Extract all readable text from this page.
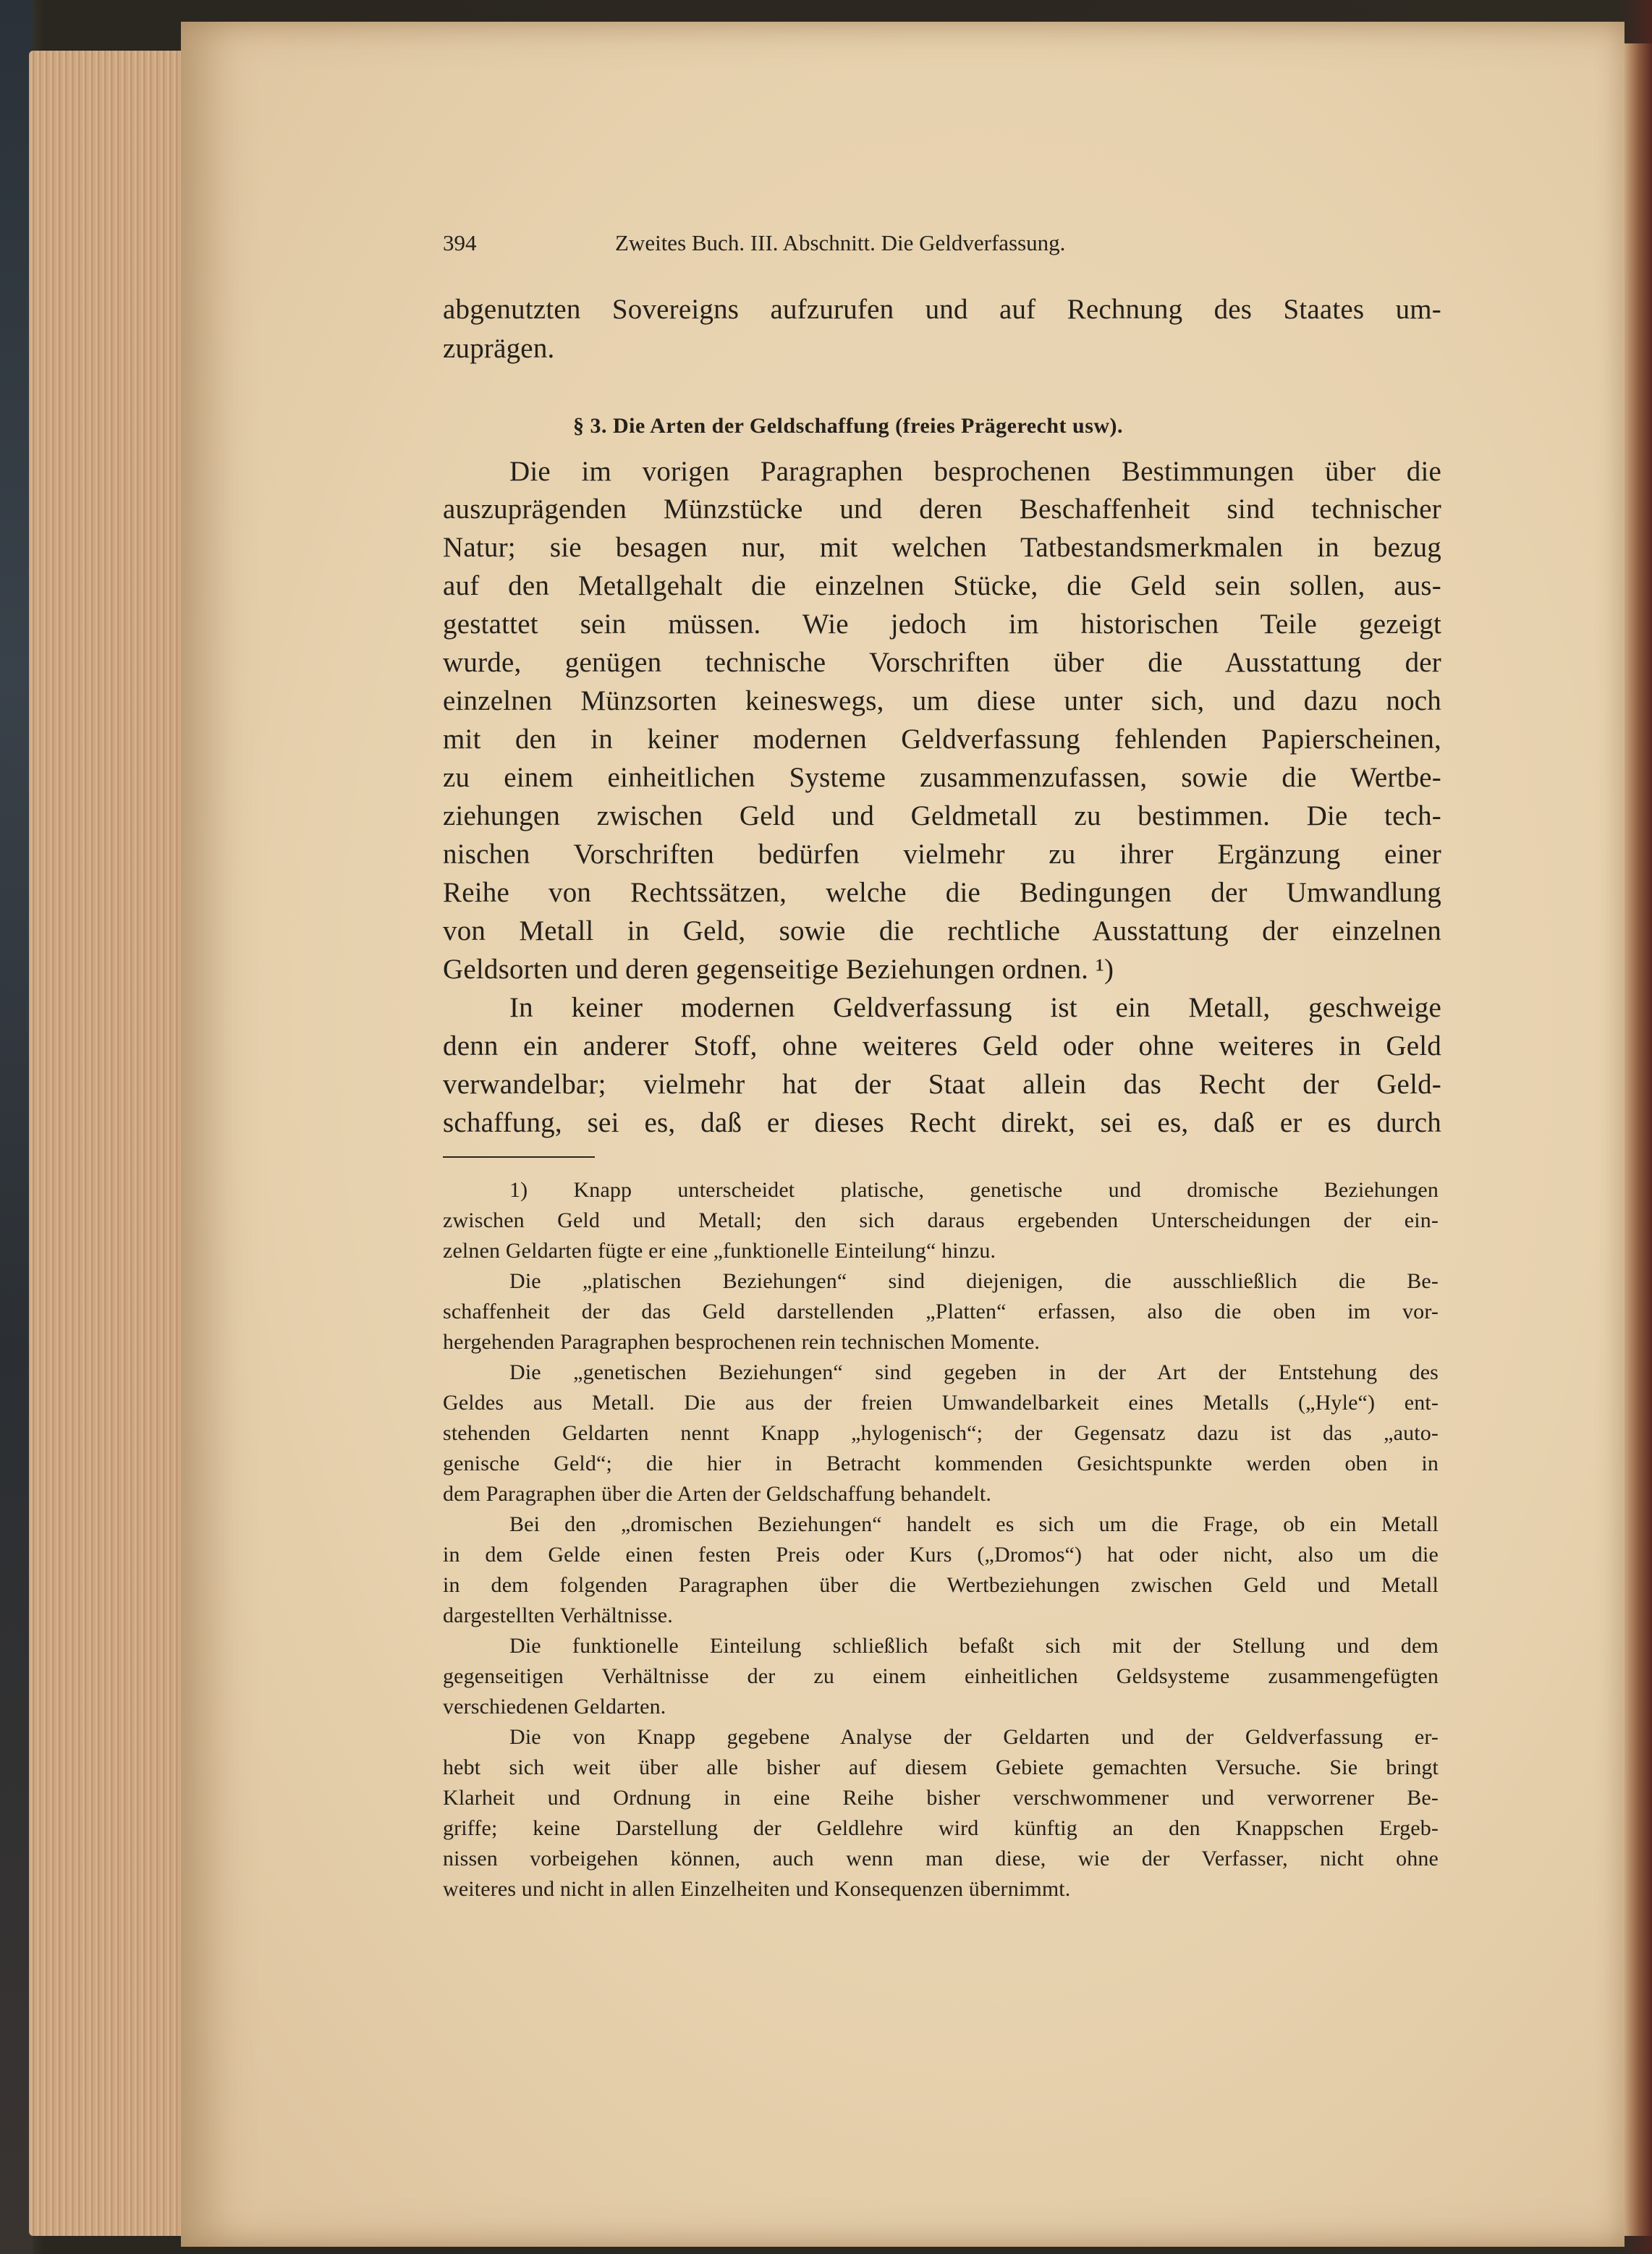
394	Zweites Buch. III. Abschnitt. Die Geldverfassung.

abgenutzten Sovereigns aufzurufen und auf Rechnung des Staates um-

zuprägen.

§ 3. Die Arten der Geldschaffung (freies Prägerecht usw).

Die im vorigen Paragraphen besprochenen Bestimmungen über die

auszuprägenden Münzstücke und deren Beschaffenheit sind technischer

Natur; sie besagen nur, mit welchen Tatbestandsmerkmalen in bezug

auf den Metallgehalt die einzelnen Stücke, die Geld sein sollen, aus-

gestattet sein müssen. Wie jedoch im historischen Teile gezeigt

wurde, genügen technische Vorschriften über die Ausstattung der

einzelnen Münzsorten keineswegs, um diese unter sich, und dazu noch

mit den in keiner modernen Geldverfassung fehlenden Papierscheinen,

zu einem einheitlichen Systeme zusammenzufassen, sowie die Wertbe-

ziehungen zwischen Geld und Geldmetall zu bestimmen. Die tech-

nischen Vorschriften bedürfen vielmehr zu ihrer Ergänzung einer

Reihe von Rechtssätzen, welche die Bedingungen der Umwandlung

von Metall in Geld, sowie die rechtliche Ausstattung der einzelnen

Geldsorten und deren gegenseitige Beziehungen ordnen. ¹)

In keiner modernen Geldverfassung ist ein Metall, geschweige

denn ein anderer Stoff, ohne weiteres Geld oder ohne weiteres in Geld

verwandelbar; vielmehr hat der Staat allein das Recht der Geld-

schaffung, sei es, daß er dieses Recht direkt, sei es, daß er es durch

1) Knapp unterscheidet platische, genetische und dromische Beziehungen

zwischen Geld und Metall; den sich daraus ergebenden Unterscheidungen der ein-

zelnen Geldarten fügte er eine „funktionelle Einteilung“ hinzu.

Die „platischen Beziehungen“ sind diejenigen, die ausschließlich die Be-

schaffenheit der das Geld darstellenden „Platten“ erfassen, also die oben im vor-

hergehenden Paragraphen besprochenen rein technischen Momente.

Die „genetischen Beziehungen“ sind gegeben in der Art der Entstehung des

Geldes aus Metall. Die aus der freien Umwandelbarkeit eines Metalls („Hyle“) ent-

stehenden Geldarten nennt Knapp „hylogenisch“; der Gegensatz dazu ist das „auto-

genische Geld“; die hier in Betracht kommenden Gesichtspunkte werden oben in

dem Paragraphen über die Arten der Geldschaffung behandelt.

Bei den „dromischen Beziehungen“ handelt es sich um die Frage, ob ein Metall

in dem Gelde einen festen Preis oder Kurs („Dromos“) hat oder nicht, also um die

in dem folgenden Paragraphen über die Wertbeziehungen zwischen Geld und Metall

dargestellten Verhältnisse.

Die funktionelle Einteilung schließlich befaßt sich mit der Stellung und dem

gegenseitigen Verhältnisse der zu einem einheitlichen Geldsysteme zusammengefügten

verschiedenen Geldarten.

Die von Knapp gegebene Analyse der Geldarten und der Geldverfassung er-

hebt sich weit über alle bisher auf diesem Gebiete gemachten Versuche. Sie bringt

Klarheit und Ordnung in eine Reihe bisher verschwommener und verworrener Be-

griffe; keine Darstellung der Geldlehre wird künftig an den Knappschen Ergeb-

nissen vorbeigehen können, auch wenn man diese, wie der Verfasser, nicht ohne

weiteres und nicht in allen Einzelheiten und Konsequenzen übernimmt.
